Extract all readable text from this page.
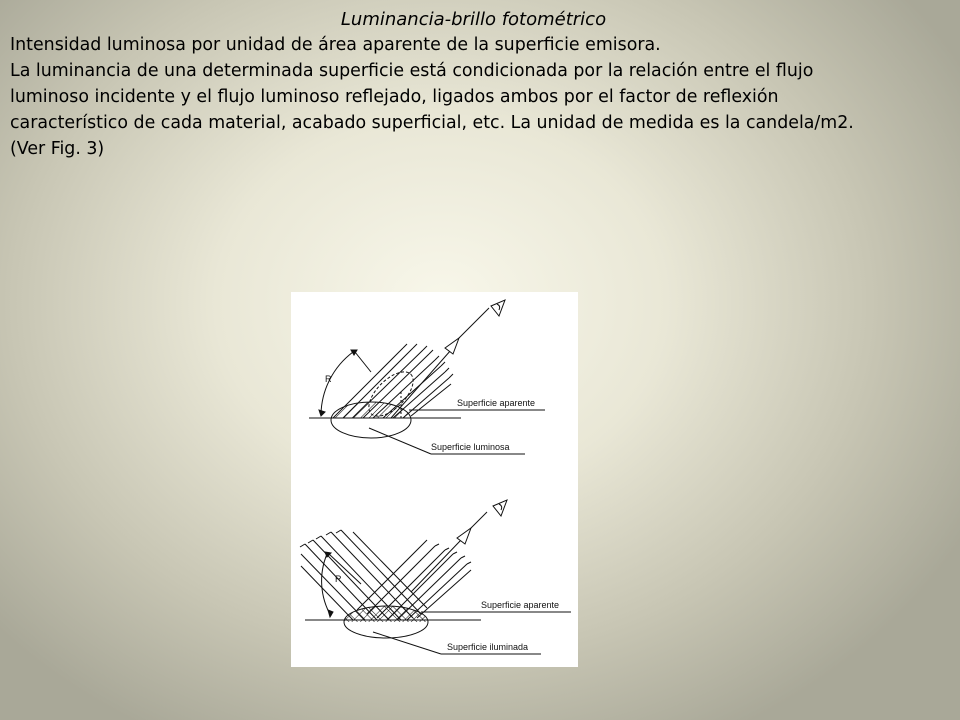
Luminancia-brillo fotométrico

Intensidad luminosa por unidad de área aparente de la superficie emisora.

La luminancia de una determinada superficie está condicionada por la relación entre el flujo

luminoso incidente y el flujo luminoso reflejado, ligados ambos por el factor de reflexión

característico de cada material, acabado superficial, etc. La unidad de medida es la candela/m2.

(Ver Fig. 3)

R
Superficie aparente
Superficie luminosa
R
Superficie aparente
Superficie iluminada
